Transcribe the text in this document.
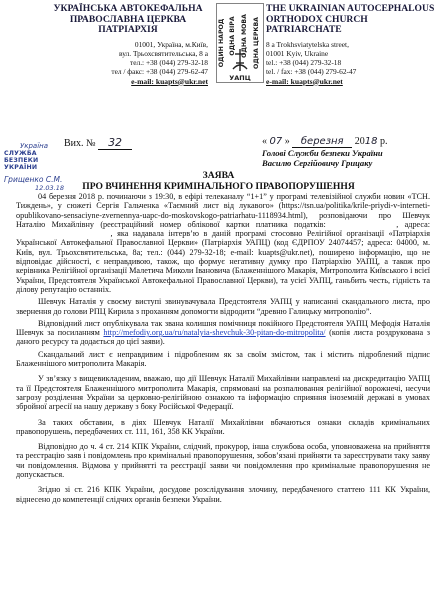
УКРАЇНСЬКА АВТОКЕФАЛЬНА
ПРАВОСЛАВНА ЦЕРКВА
ПАТРІАРХІЯ
01001, Україна, м.Київ,
вул. Трьохсвятительська, 8 а
тел.: +38 (044) 279-32-18
тел / факс: +38 (044) 279-62-47
e-mail: kuapts@ukr.net
ОДИН НАРОД ОДНА ВІРА ОДНА МОВА ОДНА ЦЕРКВА
УАПЦ
THE UKRAINIAN AUTOCEPHALOUS
ORTHODOX CHURCH
PATRIARCHATE
8 a Trokhsviatytelska street,
01001 Kyiv, Ukraine
tel.: +38 (044) 279-32-18
tel. / fax: +38 (044) 279-62-47
e-mail: kuapts@ukr.net
Україна
СЛУЖБА БЕЗПЕКИ УКРАЇНИ
Грищенко С.М.
12.03.18
Вих. № 32	« 07 » березня 2018 р.
Голові Служби безпеки України
Василю Сергійовичу Грицаку
ЗАЯВА
ПРО ВЧИНЕННЯ КРИМІНАЛЬНОГО ПРАВОПОРУШЕННЯ

04 березня 2018 р. починаючи з 19:30, в ефірі телеканалу “1+1” у програмі телевізійної служби новин «ТСН. Тиждень», у сюжеті Сергія Гальченка «Таємний лист від лукавого» (https://tsn.ua/politika/krile-priydi-v-interneti-opublikovano-sensaciyne-zvernennya-uapc-do-moskovskogo-patriarhatu-1118934.html), розповідаючи про Шевчук Наталію Михайлівну (реєстраційний номер облікової картки платника податків:	, адреса:   , яка надавала інтерв’ю в даній програмі стосовно Релігійної організації «Патріархія Української Автокефальної Православної Церкви» (Патріархія УАПЦ) (код ЄДРПОУ 24074457; адреса: 04000, м. Київ, вул. Трьохсвятительська, 8а; тел.: (044) 279-32-18; e-mail: kuapts@ukr.net), поширено інформацію, що не відповідає дійсності, є неправдивою, також, що формує негативну думку про Патріархію УАПЦ, а також про керівника Релігійної організації Малетича Миколи Івановича (Блаженнішого Макарія, Митрополита Київського і всієї України, Предстоятеля Української Автокефальної Православної Церкви), та усієї УАПЦ, ганьбить честь, гідність та ділову репутацію останніх.

Шевчук Наталія у своєму виступі звинувачувала Предстоятеля УАПЦ у написанні скандального листа, про звернення до голови РПЦ Кирила з проханням допомогти відродити “древню Галицьку митрополію”.

Відповідний лист опублікувала так звана колишня помічниця покійного Предстоятеля УАПЦ Мефодія Наталія Шевчук за посиланням http://mefodiy.org.ua/ru/natalyia-shevchuk-30-pitan-do-mitropolita/ (копія листа роздрукована з даного ресурсу та додається до цієї заяви).

Скандальний лист є неправдивим і підробленим як за своїм змістом, так і містить підроблений підпис Блаженнішого митрополита Макарія.

У зв’язку з вищевикладеним, вважаю, що дії Шевчук Наталії Михайлівни направлені на дискредитацію УАПЦ та її Предстоятеля Блаженнішого митрополита Макарія, спрямовані на розпалювання релігійної ворожнечі, несучи загрозу розділення України за церковно-релігійною ознакою та інформацію сприяння іноземній державі в умовах збройної агресії на нашу державу з боку Російської Федерації.

За таких обставин, в діях Шевчук Наталії Михайлівни вбачаються ознаки складів кримінальних правопорушень, передбачених ст. 111, 161, 358 КК України.

Відповідно до ч. 4 ст. 214 КПК України, слідчий, прокурор, інша службова особа, уповноважена на прийняття та реєстрацію заяв і повідомлень про кримінальні правопорушення, зобов’язані прийняти та зареєструвати таку заяву чи повідомлення. Відмова у прийнятті та реєстрації заяви чи повідомлення про кримінальне правопорушення не допускається.

Згідно зі ст. 216 КПК України, досудове розслідування злочину, передбаченого статтею 111 КК України, віднесено до компетенції слідчих органів безпеки України.
